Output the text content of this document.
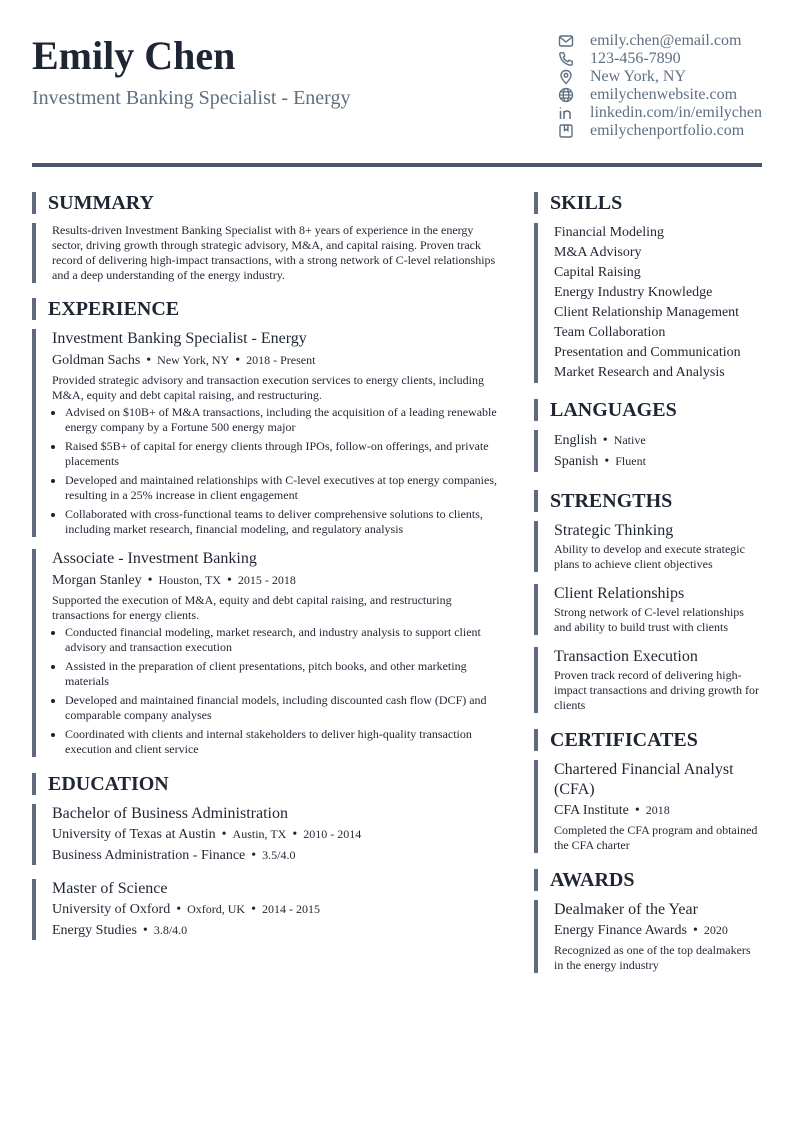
Emily Chen
Investment Banking Specialist - Energy
emily.chen@email.com
123-456-7890
New York, NY
emilychenwebsite.com
linkedin.com/in/emilychen
emilychenportfolio.com
SUMMARY
Results-driven Investment Banking Specialist with 8+ years of experience in the energy sector, driving growth through strategic advisory, M&A, and capital raising. Proven track record of delivering high-impact transactions, with a strong network of C-level relationships and a deep understanding of the energy industry.
EXPERIENCE
Investment Banking Specialist - Energy
Goldman Sachs • New York, NY • 2018 - Present
Provided strategic advisory and transaction execution services to energy clients, including M&A, equity and debt capital raising, and restructuring.
• Advised on $10B+ of M&A transactions, including the acquisition of a leading renewable energy company by a Fortune 500 energy major
• Raised $5B+ of capital for energy clients through IPOs, follow-on offerings, and private placements
• Developed and maintained relationships with C-level executives at top energy companies, resulting in a 25% increase in client engagement
• Collaborated with cross-functional teams to deliver comprehensive solutions to clients, including market research, financial modeling, and regulatory analysis
Associate - Investment Banking
Morgan Stanley • Houston, TX • 2015 - 2018
Supported the execution of M&A, equity and debt capital raising, and restructuring transactions for energy clients.
• Conducted financial modeling, market research, and industry analysis to support client advisory and transaction execution
• Assisted in the preparation of client presentations, pitch books, and other marketing materials
• Developed and maintained financial models, including discounted cash flow (DCF) and comparable company analyses
• Coordinated with clients and internal stakeholders to deliver high-quality transaction execution and client service
EDUCATION
Bachelor of Business Administration
University of Texas at Austin • Austin, TX • 2010 - 2014
Business Administration - Finance • 3.5/4.0
Master of Science
University of Oxford • Oxford, UK • 2014 - 2015
Energy Studies • 3.8/4.0
SKILLS
Financial Modeling
M&A Advisory
Capital Raising
Energy Industry Knowledge
Client Relationship Management
Team Collaboration
Presentation and Communication
Market Research and Analysis
LANGUAGES
English • Native
Spanish • Fluent
STRENGTHS
Strategic Thinking
Ability to develop and execute strategic plans to achieve client objectives
Client Relationships
Strong network of C-level relationships and ability to build trust with clients
Transaction Execution
Proven track record of delivering high-impact transactions and driving growth for clients
CERTIFICATES
Chartered Financial Analyst (CFA)
CFA Institute • 2018
Completed the CFA program and obtained the CFA charter
AWARDS
Dealmaker of the Year
Energy Finance Awards • 2020
Recognized as one of the top dealmakers in the energy industry
